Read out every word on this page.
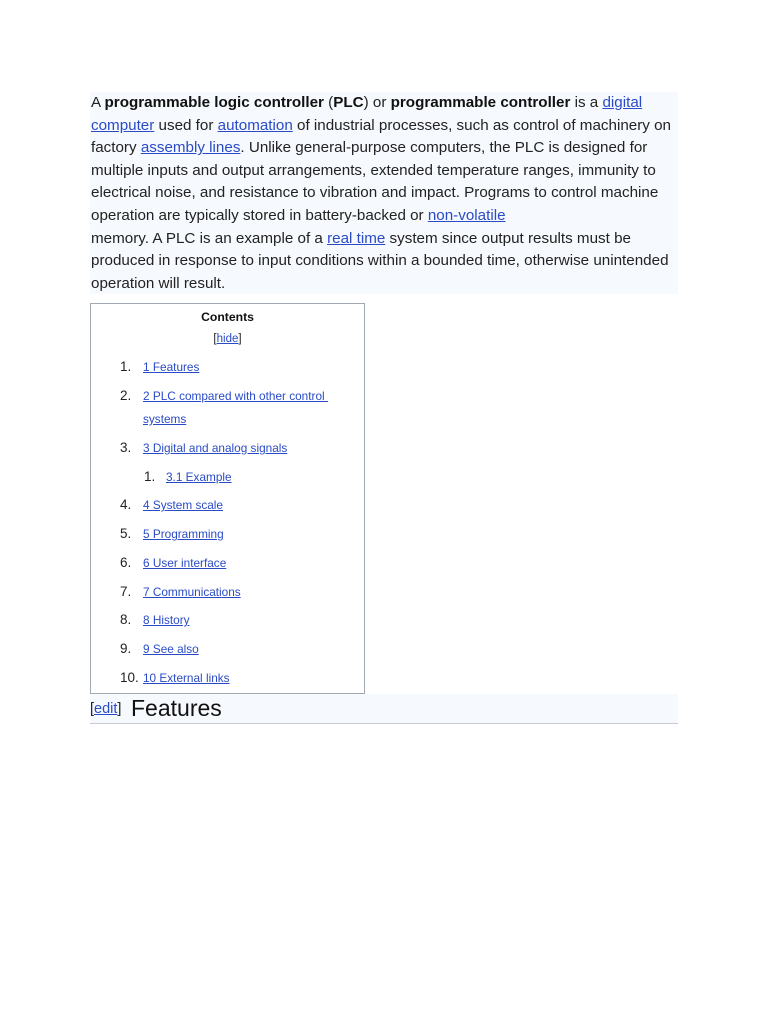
A programmable logic controller (PLC) or programmable controller is a digital
computer used for automation of industrial processes, such as control of machinery on factory assembly lines. Unlike general-purpose computers, the PLC is designed for multiple inputs and output arrangements, extended temperature ranges, immunity to electrical noise, and resistance to vibration and impact. Programs to control machine operation are typically stored in battery-backed or non-volatile
memory. A PLC is an example of a real time system since output results must be produced in response to input conditions within a bounded time, otherwise unintended operation will result.

Contents
[hide]
1. 1 Features
2. 2 PLC compared with other control
systems
3. 3 Digital and analog signals
1. 3.1 Example
4. 4 System scale
5. 5 Programming
6. 6 User interface
7. 7 Communications
8. 8 History
9. 9 See also
10. 10 External links
[edit] Features
